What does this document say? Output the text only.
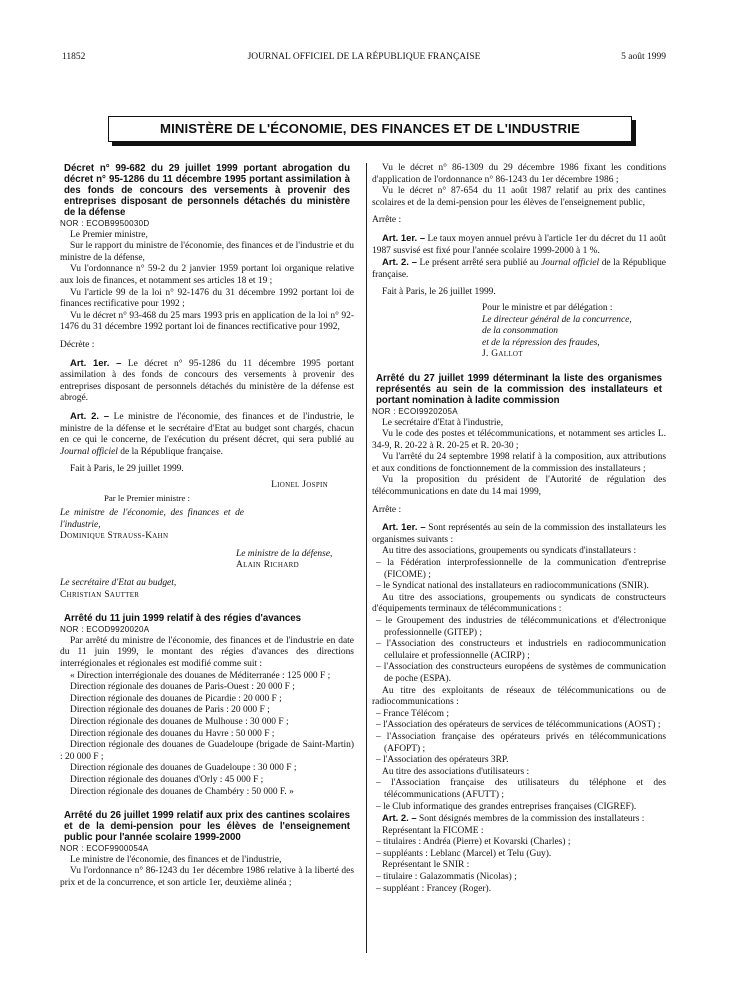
11852	JOURNAL OFFICIEL DE LA RÉPUBLIQUE FRANÇAISE	5 août 1999
MINISTÈRE DE L'ÉCONOMIE, DES FINANCES ET DE L'INDUSTRIE

Décret n° 99-682 du 29 juillet 1999 portant abrogation du décret n° 95-1286 du 11 décembre 1995 portant assimilation à des fonds de concours des versements à provenir des entreprises disposant de personnels détachés du ministère de la défense

NOR : ECOB9950030D

Le Premier ministre,

Sur le rapport du ministre de l'économie, des finances et de l'industrie et du ministre de la défense,

Vu l'ordonnance n° 59-2 du 2 janvier 1959 portant loi organique relative aux lois de finances, et notamment ses articles 18 et 19 ;

Vu l'article 99 de la loi n° 92-1476 du 31 décembre 1992 portant loi de finances rectificative pour 1992 ;

Vu le décret n° 93-468 du 25 mars 1993 pris en application de la loi n° 92-1476 du 31 décembre 1992 portant loi de finances rectificative pour 1992,

Décrète :

Art. 1er. – Le décret n° 95-1286 du 11 décembre 1995 portant assimilation à des fonds de concours des versements à provenir des entreprises disposant de personnels détachés du ministère de la défense est abrogé.

Art. 2. – Le ministre de l'économie, des finances et de l'industrie, le ministre de la défense et le secrétaire d'Etat au budget sont chargés, chacun en ce qui le concerne, de l'exécution du présent décret, qui sera publié au Journal officiel de la République française.

Fait à Paris, le 29 juillet 1999.

Lionel Jospin

Par le Premier ministre :

Le ministre de l'économie, des finances et de l'industrie,

Dominique Strauss-Kahn

Le ministre de la défense,

Alain Richard

Le secrétaire d'Etat au budget,

Christian Sautter

Arrêté du 11 juin 1999 relatif à des régies d'avances

NOR : ECOD9920020A

Par arrêté du ministre de l'économie, des finances et de l'industrie en date du 11 juin 1999, le montant des régies d'avances des directions interrégionales et régionales est modifié comme suit :

« Direction interrégionale des douanes de Méditerranée : 125 000 F ;

Direction régionale des douanes de Paris-Ouest : 20 000 F ;

Direction régionale des douanes de Picardie : 20 000 F ;

Direction régionale des douanes de Paris : 20 000 F ;

Direction régionale des douanes de Mulhouse : 30 000 F ;

Direction régionale des douanes du Havre : 50 000 F ;

Direction régionale des douanes de Guadeloupe (brigade de Saint-Martin) : 20 000 F ;

Direction régionale des douanes de Guadeloupe : 30 000 F ;

Direction régionale des douanes d'Orly : 45 000 F ;

Direction régionale des douanes de Chambéry : 50 000 F. »

Arrêté du 26 juillet 1999 relatif aux prix des cantines scolaires et de la demi-pension pour les élèves de l'enseignement public pour l'année scolaire 1999-2000

NOR : ECOF9900054A

Le ministre de l'économie, des finances et de l'industrie,

Vu l'ordonnance n° 86-1243 du 1er décembre 1986 relative à la liberté des prix et de la concurrence, et son article 1er, deuxième alinéa ;

Vu le décret n° 86-1309 du 29 décembre 1986 fixant les conditions d'application de l'ordonnance n° 86-1243 du 1er décembre 1986 ;

Vu le décret n° 87-654 du 11 août 1987 relatif au prix des cantines scolaires et de la demi-pension pour les élèves de l'enseignement public,

Arrête :

Art. 1er. – Le taux moyen annuel prévu à l'article 1er du décret du 11 août 1987 susvisé est fixé pour l'année scolaire 1999-2000 à 1 %.

Art. 2. – Le présent arrêté sera publié au Journal officiel de la République française.

Fait à Paris, le 26 juillet 1999.

Pour le ministre et par délégation :

Le directeur général de la concurrence,

de la consommation

et de la répression des fraudes,

J. Gallot

Arrêté du 27 juillet 1999 déterminant la liste des organismes représentés au sein de la commission des installateurs et portant nomination à ladite commission

NOR : ECOI9920205A

Le secrétaire d'Etat à l'industrie,

Vu le code des postes et télécommunications, et notamment ses articles L. 34-9, R. 20-22 à R. 20-25 et R. 20-30 ;

Vu l'arrêté du 24 septembre 1998 relatif à la composition, aux attributions et aux conditions de fonctionnement de la commission des installateurs ;

Vu la proposition du président de l'Autorité de régulation des télécommunications en date du 14 mai 1999,

Arrête :

Art. 1er. – Sont représentés au sein de la commission des installateurs les organismes suivants :

Au titre des associations, groupements ou syndicats d'installateurs :

– la Fédération interprofessionnelle de la communication d'entreprise (FICOME) ;

– le Syndicat national des installateurs en radiocommunications (SNIR).

Au titre des associations, groupements ou syndicats de constructeurs d'équipements terminaux de télécommunications :

– le Groupement des industries de télécommunications et d'électronique professionnelle (GITEP) ;

– l'Association des constructeurs et industriels en radiocommunication cellulaire et professionnelle (ACIRP) ;

– l'Association des constructeurs européens de systèmes de communication de poche (ESPA).

Au titre des exploitants de réseaux de télécommunications ou de radiocommunications :

– France Télécom ;

– l'Association des opérateurs de services de télécommunications (AOST) ;

– l'Association française des opérateurs privés en télécommunications (AFOPT) ;

– l'Association des opérateurs 3RP.

Au titre des associations d'utilisateurs :

– l'Association française des utilisateurs du téléphone et des télécommunications (AFUTT) ;

– le Club informatique des grandes entreprises françaises (CIGREF).

Art. 2. – Sont désignés membres de la commission des installateurs :

Représentant la FICOME :

– titulaires : Andréa (Pierre) et Kovarski (Charles) ;

– suppléants : Leblanc (Marcel) et Telu (Guy).

Représentant le SNIR :

– titulaire : Galazommatis (Nicolas) ;

– suppléant : Francey (Roger).
